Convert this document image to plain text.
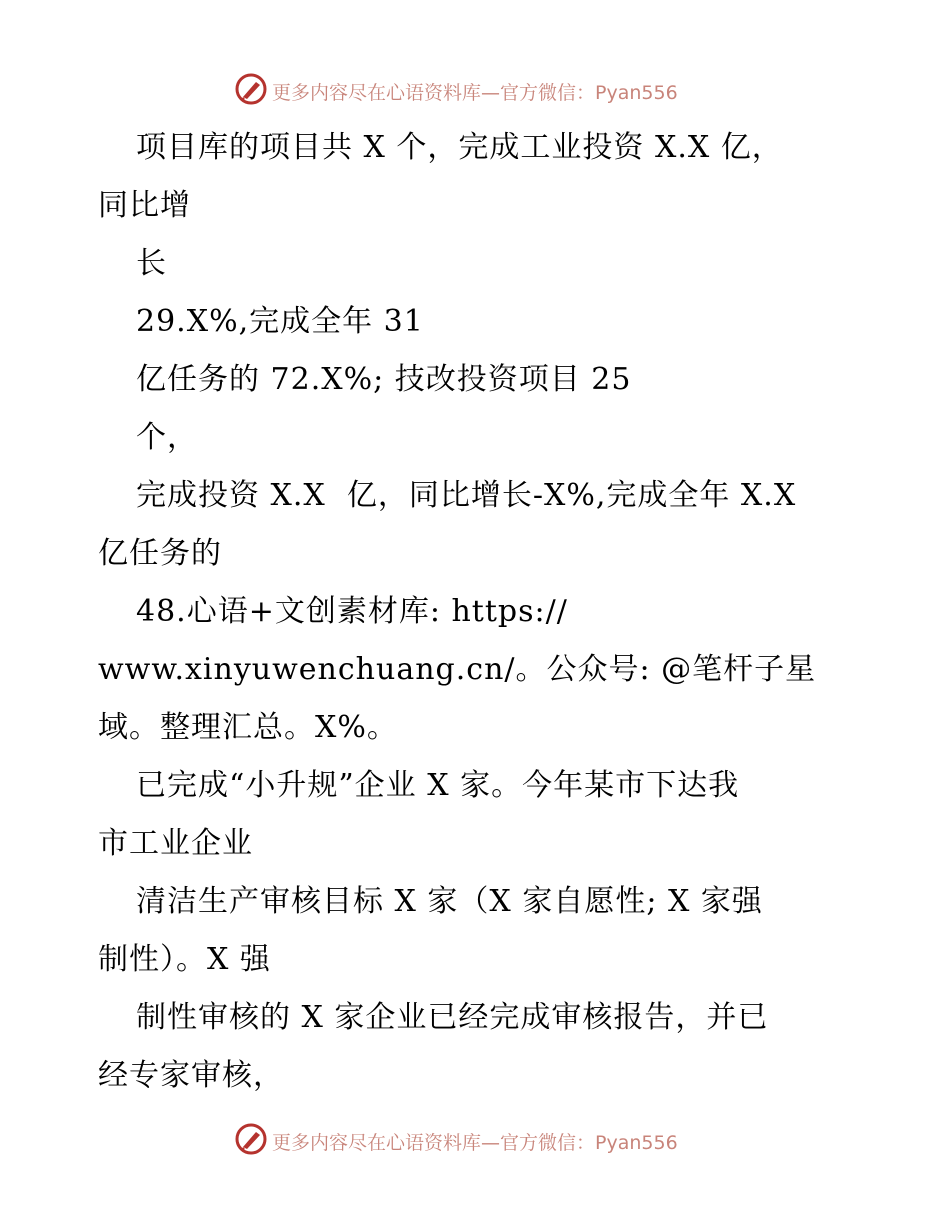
更多内容尽在心语资料库—官方微信：Pyan556
项目库的项目共 X 个，完成工业投资 X.X 亿，
同比增
长
29.X%,完成全年 31
亿任务的 72.X%; 技改投资项目 25
个，
完成投资 X.X  亿，同比增长-X%,完成全年 X.X
亿任务的
48.心语+文创素材库: https://
www.xinyuwenchuang.cn/。公众号: @笔杆子星
域。整理汇总。X%。
已完成“小升规”企业 X 家。今年某市下达我
市工业企业
清洁生产审核目标 X 家（X 家自愿性; X 家强
制性）。X 强
制性审核的 X 家企业已经完成审核报告，并已
经专家审核，
更多内容尽在心语资料库—官方微信：Pyan556
